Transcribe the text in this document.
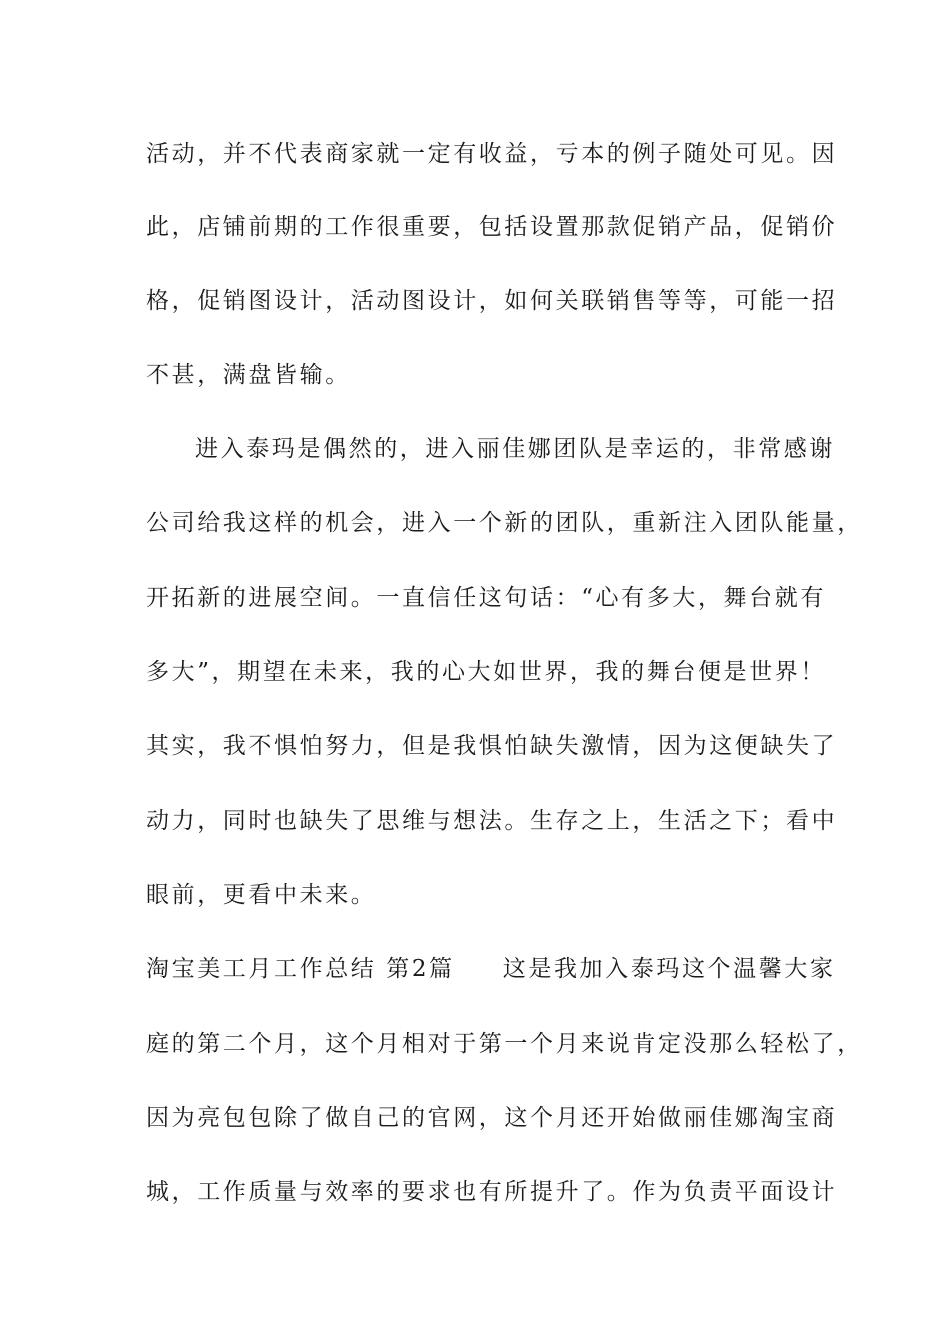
活动，并不代表商家就一定有收益，亏本的例子随处可见。因
此，店铺前期的工作很重要，包括设置那款促销产品，促销价
格，促销图设计，活动图设计，如何关联销售等等，可能一招
不甚，满盘皆输。
进入泰玛是偶然的，进入丽佳娜团队是幸运的，非常感谢
公司给我这样的机会，进入一个新的团队，重新注入团队能量，
开拓新的进展空间。一直信任这句话：“心有多大，舞台就有
多大”，期望在未来，我的心大如世界，我的舞台便是世界！
其实，我不惧怕努力，但是我惧怕缺失激情，因为这便缺失了
动力，同时也缺失了思维与想法。生存之上，生活之下；看中
眼前，更看中未来。
淘宝美工月工作总结 第2篇 这是我加入泰玛这个温馨大家
庭的第二个月，这个月相对于第一个月来说肯定没那么轻松了，
因为亮包包除了做自己的官网，这个月还开始做丽佳娜淘宝商
城，工作质量与效率的要求也有所提升了。作为负责平面设计
